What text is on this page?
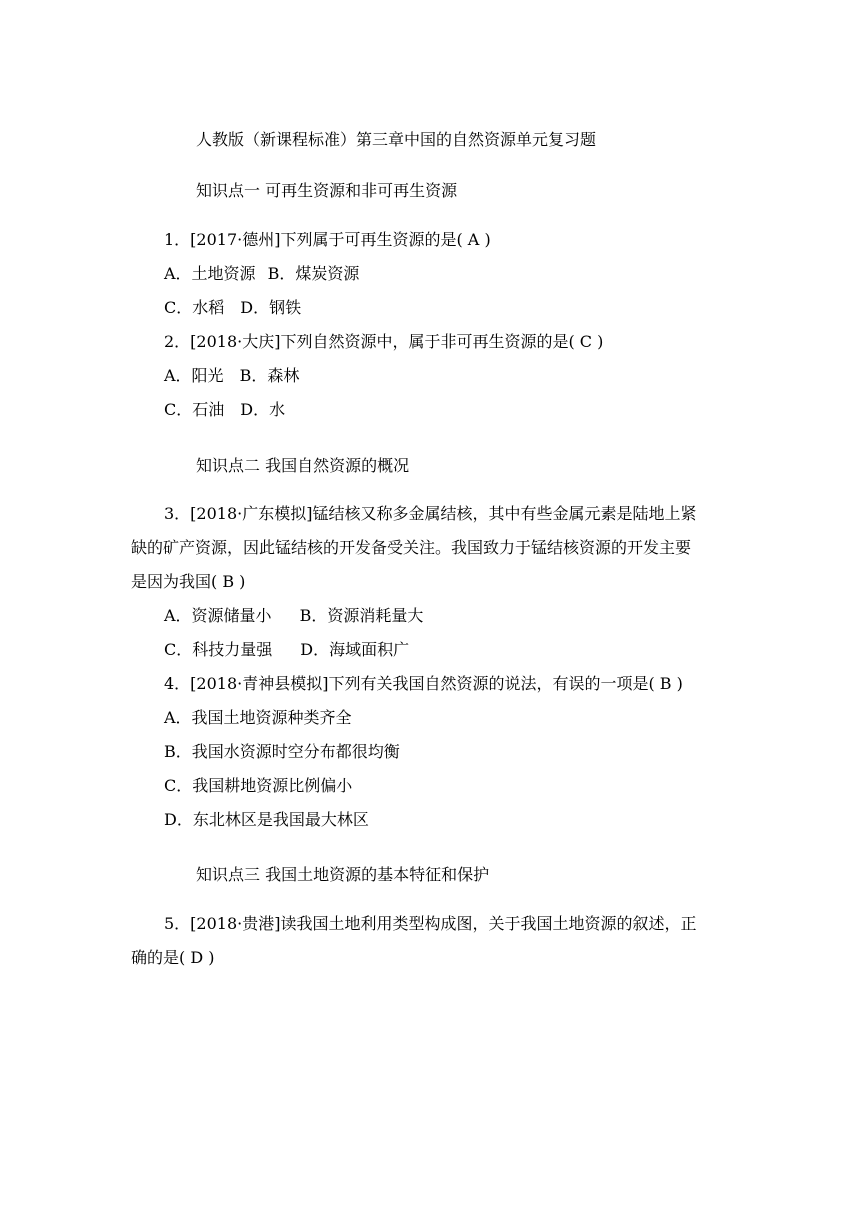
人教版（新课程标准）第三章中国的自然资源单元复习题
知识点一 可再生资源和非可再生资源
1．[2017·德州]下列属于可再生资源的是( A )
A．土地资源 B．煤炭资源
C．水稻 D．钢铁
2．[2018·大庆]下列自然资源中，属于非可再生资源的是( C )
A．阳光 B．森林
C．石油 D．水
知识点二 我国自然资源的概况
3．[2018·广东模拟]锰结核又称多金属结核，其中有些金属元素是陆地上紧
缺的矿产资源，因此锰结核的开发备受关注。我国致力于锰结核资源的开发主要
是因为我国( B )
A．资源储量小 B．资源消耗量大
C．科技力量强 D．海域面积广
4．[2018·青神县模拟]下列有关我国自然资源的说法，有误的一项是( B )
A．我国土地资源种类齐全
B．我国水资源时空分布都很均衡
C．我国耕地资源比例偏小
D．东北林区是我国最大林区
知识点三 我国土地资源的基本特征和保护
5．[2018·贵港]读我国土地利用类型构成图，关于我国土地资源的叙述，正
确的是( D )
